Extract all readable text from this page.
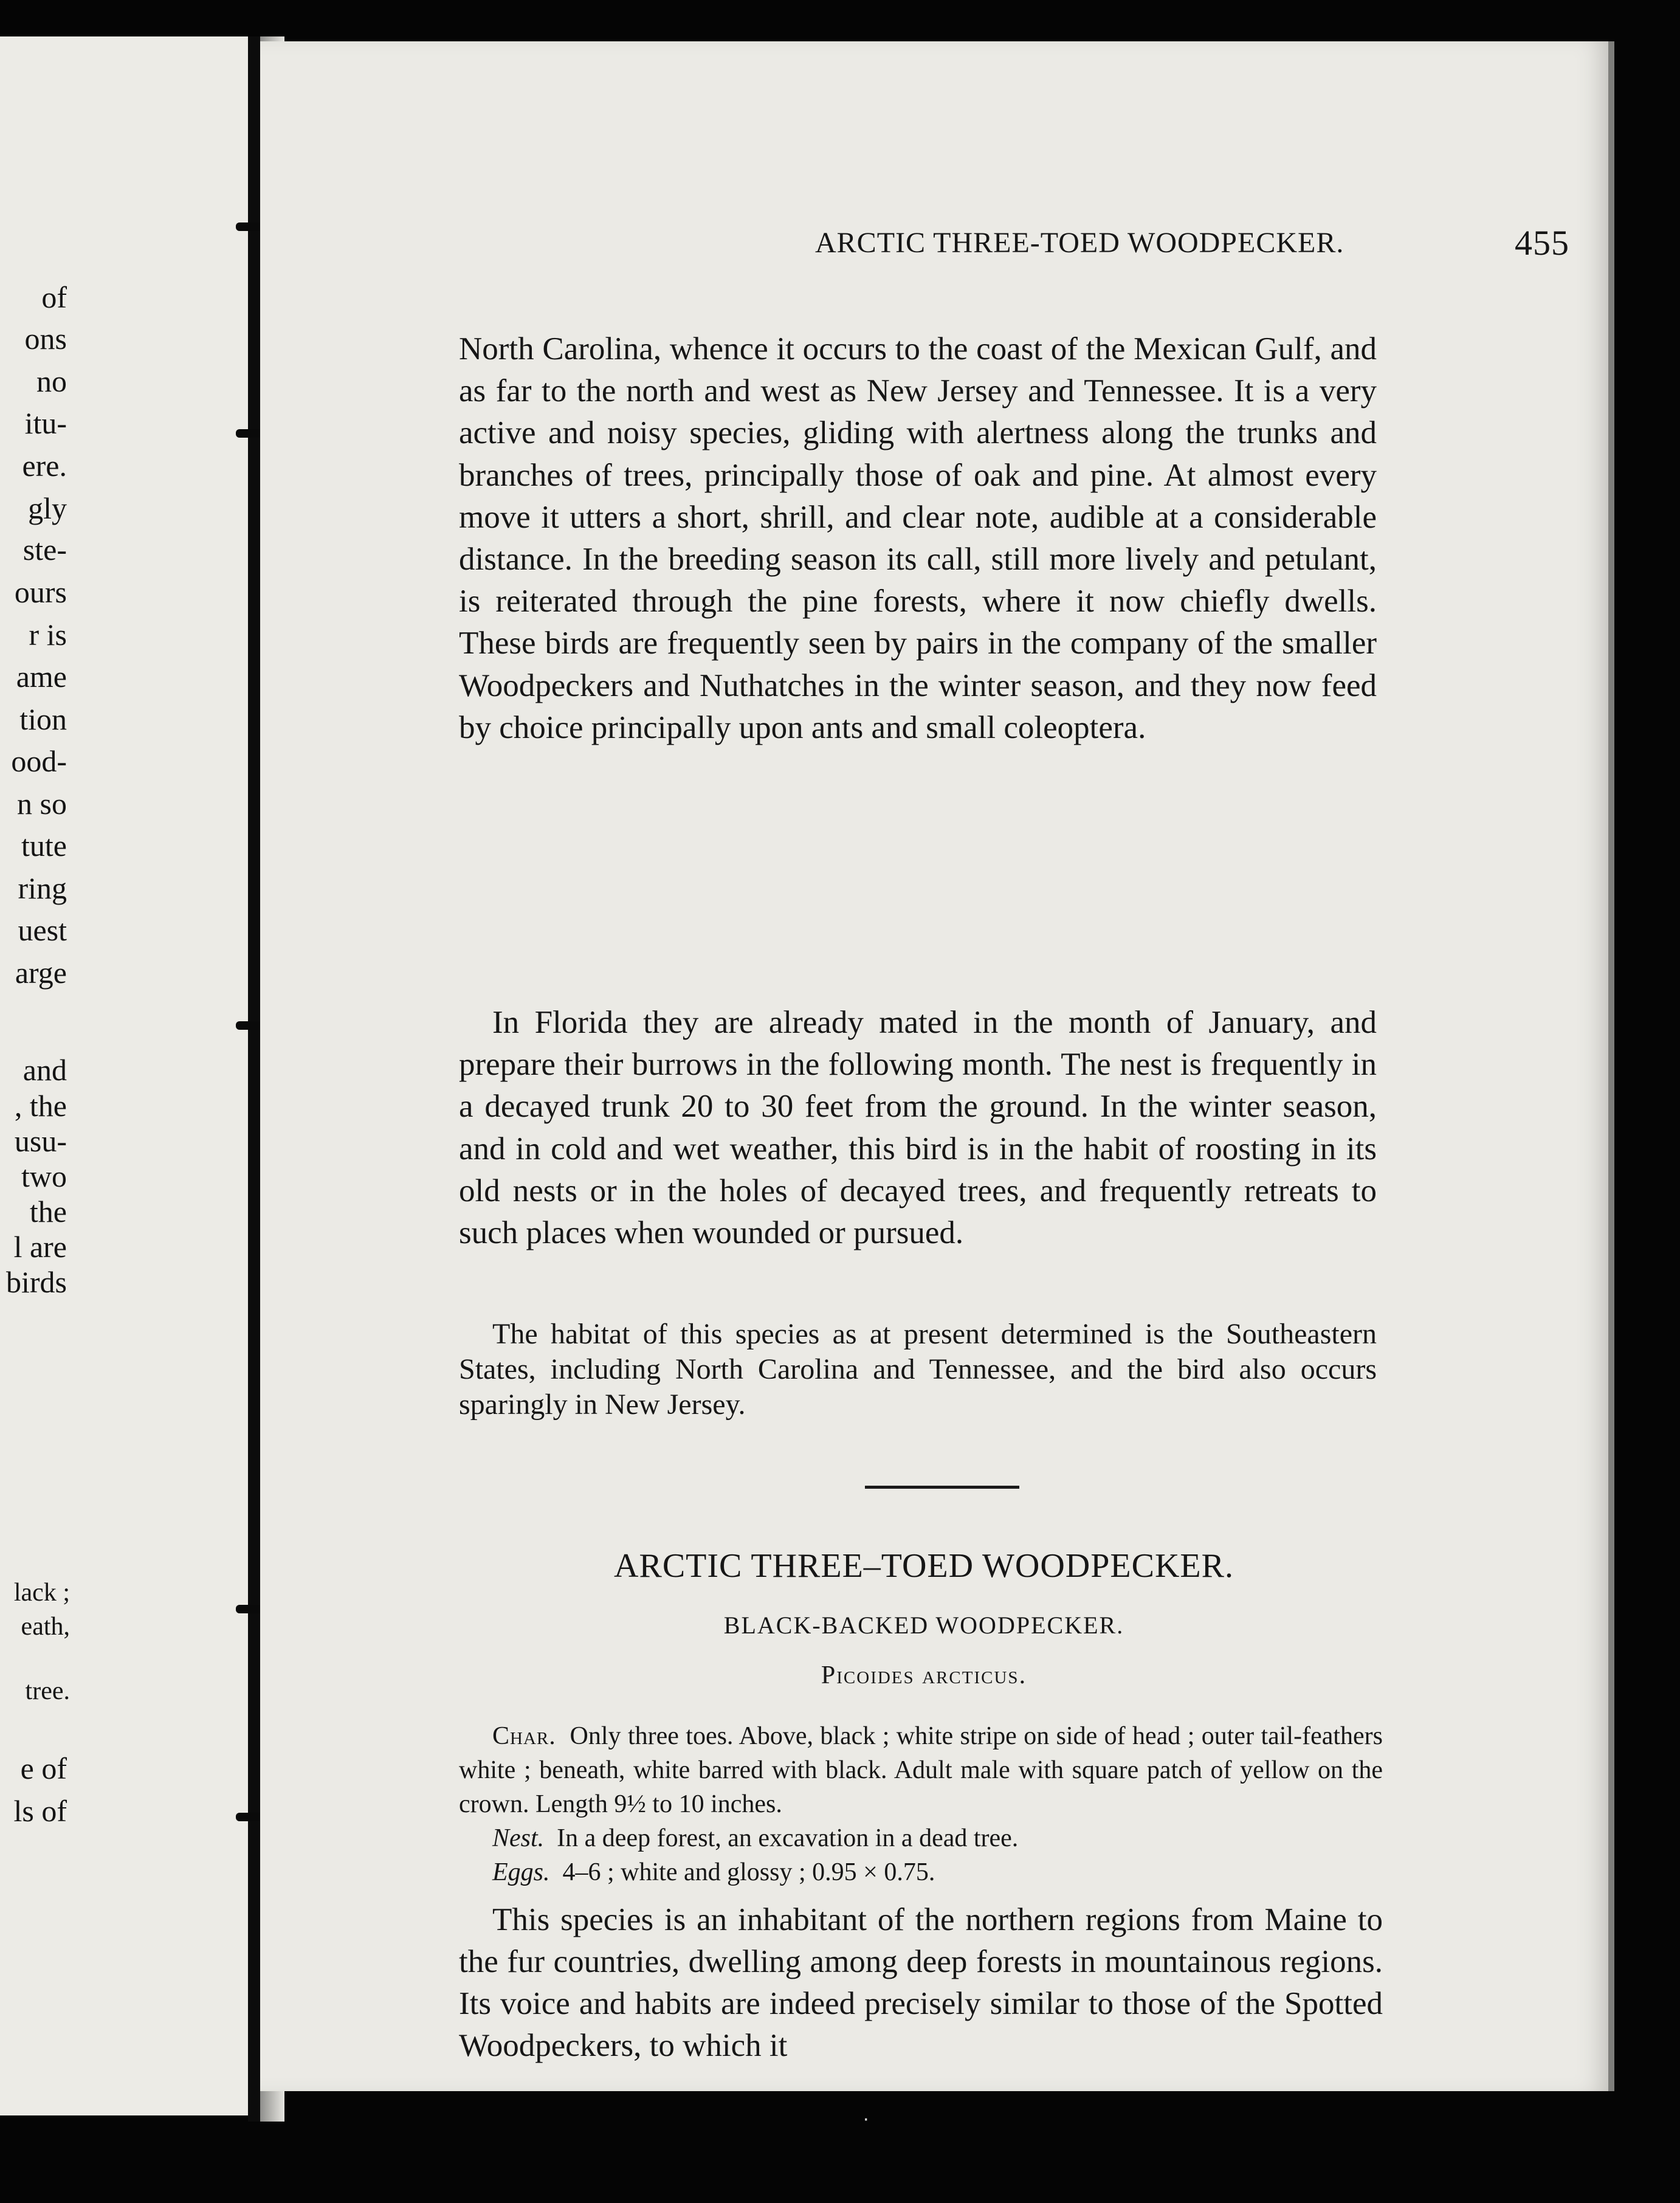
of
ons
no
itu-
ere.
gly
ste-
ours
r is
ame
tion
ood-
n so
tute
ring
uest
arge
and
, the
usu-
two
the
l are
birds
lack ;
eath,
tree.
e of
ls of
ARCTIC THREE-TOED WOODPECKER.	455
North Carolina, whence it occurs to the coast of the Mexican Gulf, and as far to the north and west as New Jersey and Tennessee. It is a very active and noisy species, gliding with alertness along the trunks and branches of trees, principally those of oak and pine. At almost every move it utters a short, shrill, and clear note, audible at a considerable distance. In the breeding season its call, still more lively and petulant, is reiterated through the pine forests, where it now chiefly dwells. These birds are frequently seen by pairs in the company of the smaller Woodpeckers and Nuthatches in the winter season, and they now feed by choice principally upon ants and small coleoptera.
In Florida they are already mated in the month of January, and prepare their burrows in the following month. The nest is frequently in a decayed trunk 20 to 30 feet from the ground. In the winter season, and in cold and wet weather, this bird is in the habit of roosting in its old nests or in the holes of decayed trees, and frequently retreats to such places when wounded or pursued.
The habitat of this species as at present determined is the Southeastern States, including North Carolina and Tennessee, and the bird also occurs sparingly in New Jersey.
ARCTIC THREE–TOED WOODPECKER.
BLACK-BACKED WOODPECKER.
Picoides arcticus.
Char. Only three toes. Above, black ; white stripe on side of head ; outer tail-feathers white ; beneath, white barred with black. Adult male with square patch of yellow on the crown. Length 9½ to 10 inches.
Nest. In a deep forest, an excavation in a dead tree.
Eggs. 4–6 ; white and glossy ; 0.95 × 0.75.
This species is an inhabitant of the northern regions from Maine to the fur countries, dwelling among deep forests in mountainous regions. Its voice and habits are indeed precisely similar to those of the Spotted Woodpeckers, to which it
·
